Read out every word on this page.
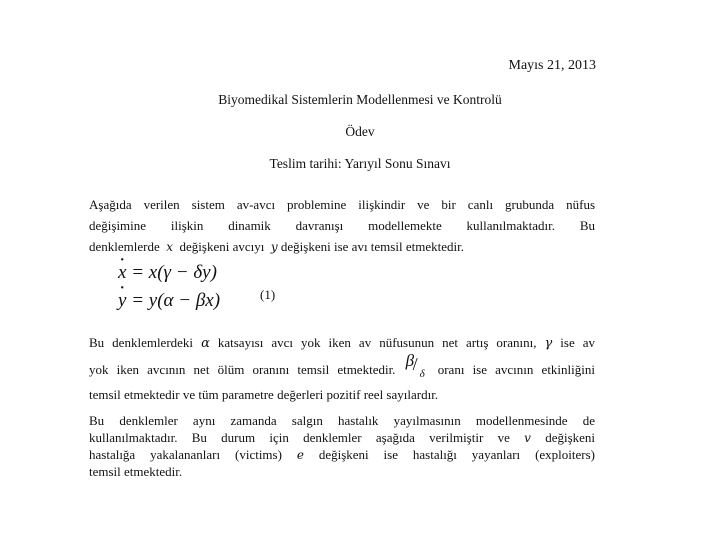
Mayıs 21, 2013
Biyomedikal Sistemlerin Modellenmesi ve Kontrolü
Ödev
Teslim tarihi: Yarıyıl Sonu Sınavı
Aşağıda verilen sistem av-avcı problemine ilişkindir ve bir canlı grubunda nüfus
değişimine ilişkin dinamik davranışı modellemekte kullanılmaktadır. Bu
denklemlerde x değişkeni avcıyı y değişkeni ise avı temsil etmektedir.
· x = x(γ − δy)
· y = y(α − βx)	(1)
Bu denklemlerdeki α katsayısı avcı yok iken av nüfusunun net artış oranını, γ ise av
yok iken avcının net ölüm oranını temsil etmektedir. β
/ δ oranı ise avcının etkinliğini
temsil etmektedir ve tüm parametre değerleri pozitif reel sayılardır.
Bu denklemler aynı zamanda salgın hastalık yayılmasının modellenmesinde de
kullanılmaktadır. Bu durum için denklemler aşağıda verilmiştir ve v değişkeni
hastalığa yakalananları (victims) e değişkeni ise hastalığı yayanları (exploiters)
temsil etmektedir.
